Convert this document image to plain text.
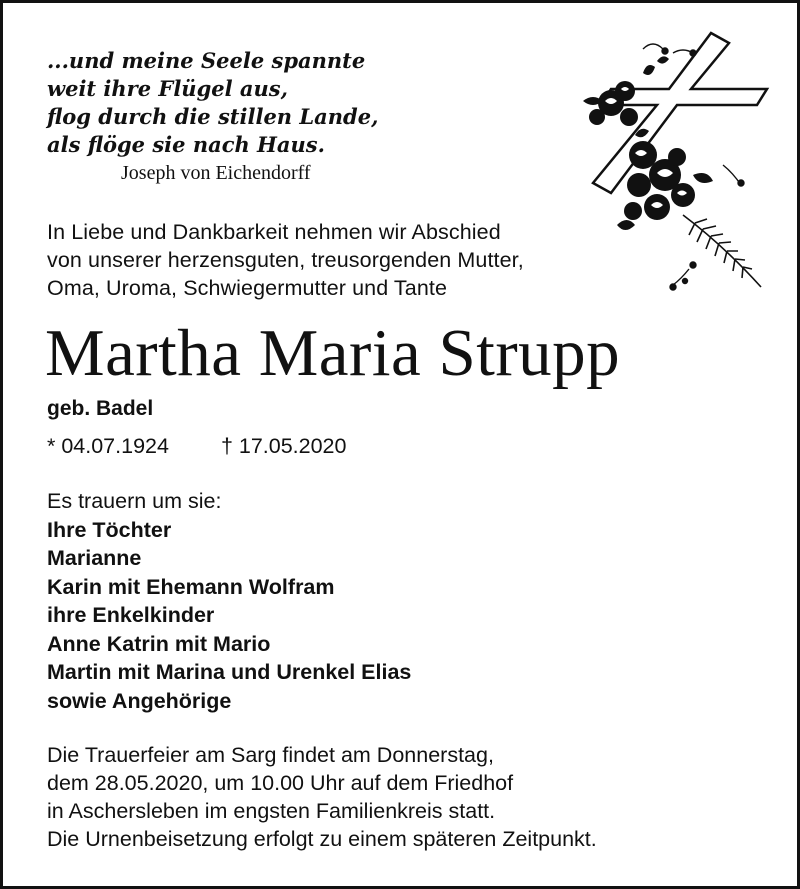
...und meine Seele spannte
weit ihre Flügel aus,
flog durch die stillen Lande,
als flöge sie nach Haus.
Joseph von Eichendorff
In Liebe und Dankbarkeit nehmen wir Abschied
von unserer herzensguten, treusorgenden Mutter,
Oma, Uroma, Schwiegermutter und Tante
Martha Maria Strupp
geb. Badel
* 04.07.1924 † 17.05.2020
Es trauern um sie:
Ihre Töchter
Marianne
Karin mit Ehemann Wolfram
ihre Enkelkinder
Anne Katrin mit Mario
Martin mit Marina und Urenkel Elias
sowie Angehörige
Die Trauerfeier am Sarg findet am Donnerstag,
dem 28.05.2020, um 10.00 Uhr auf dem Friedhof
in Aschersleben im engsten Familienkreis statt.
Die Urnenbeisetzung erfolgt zu einem späteren Zeitpunkt.
